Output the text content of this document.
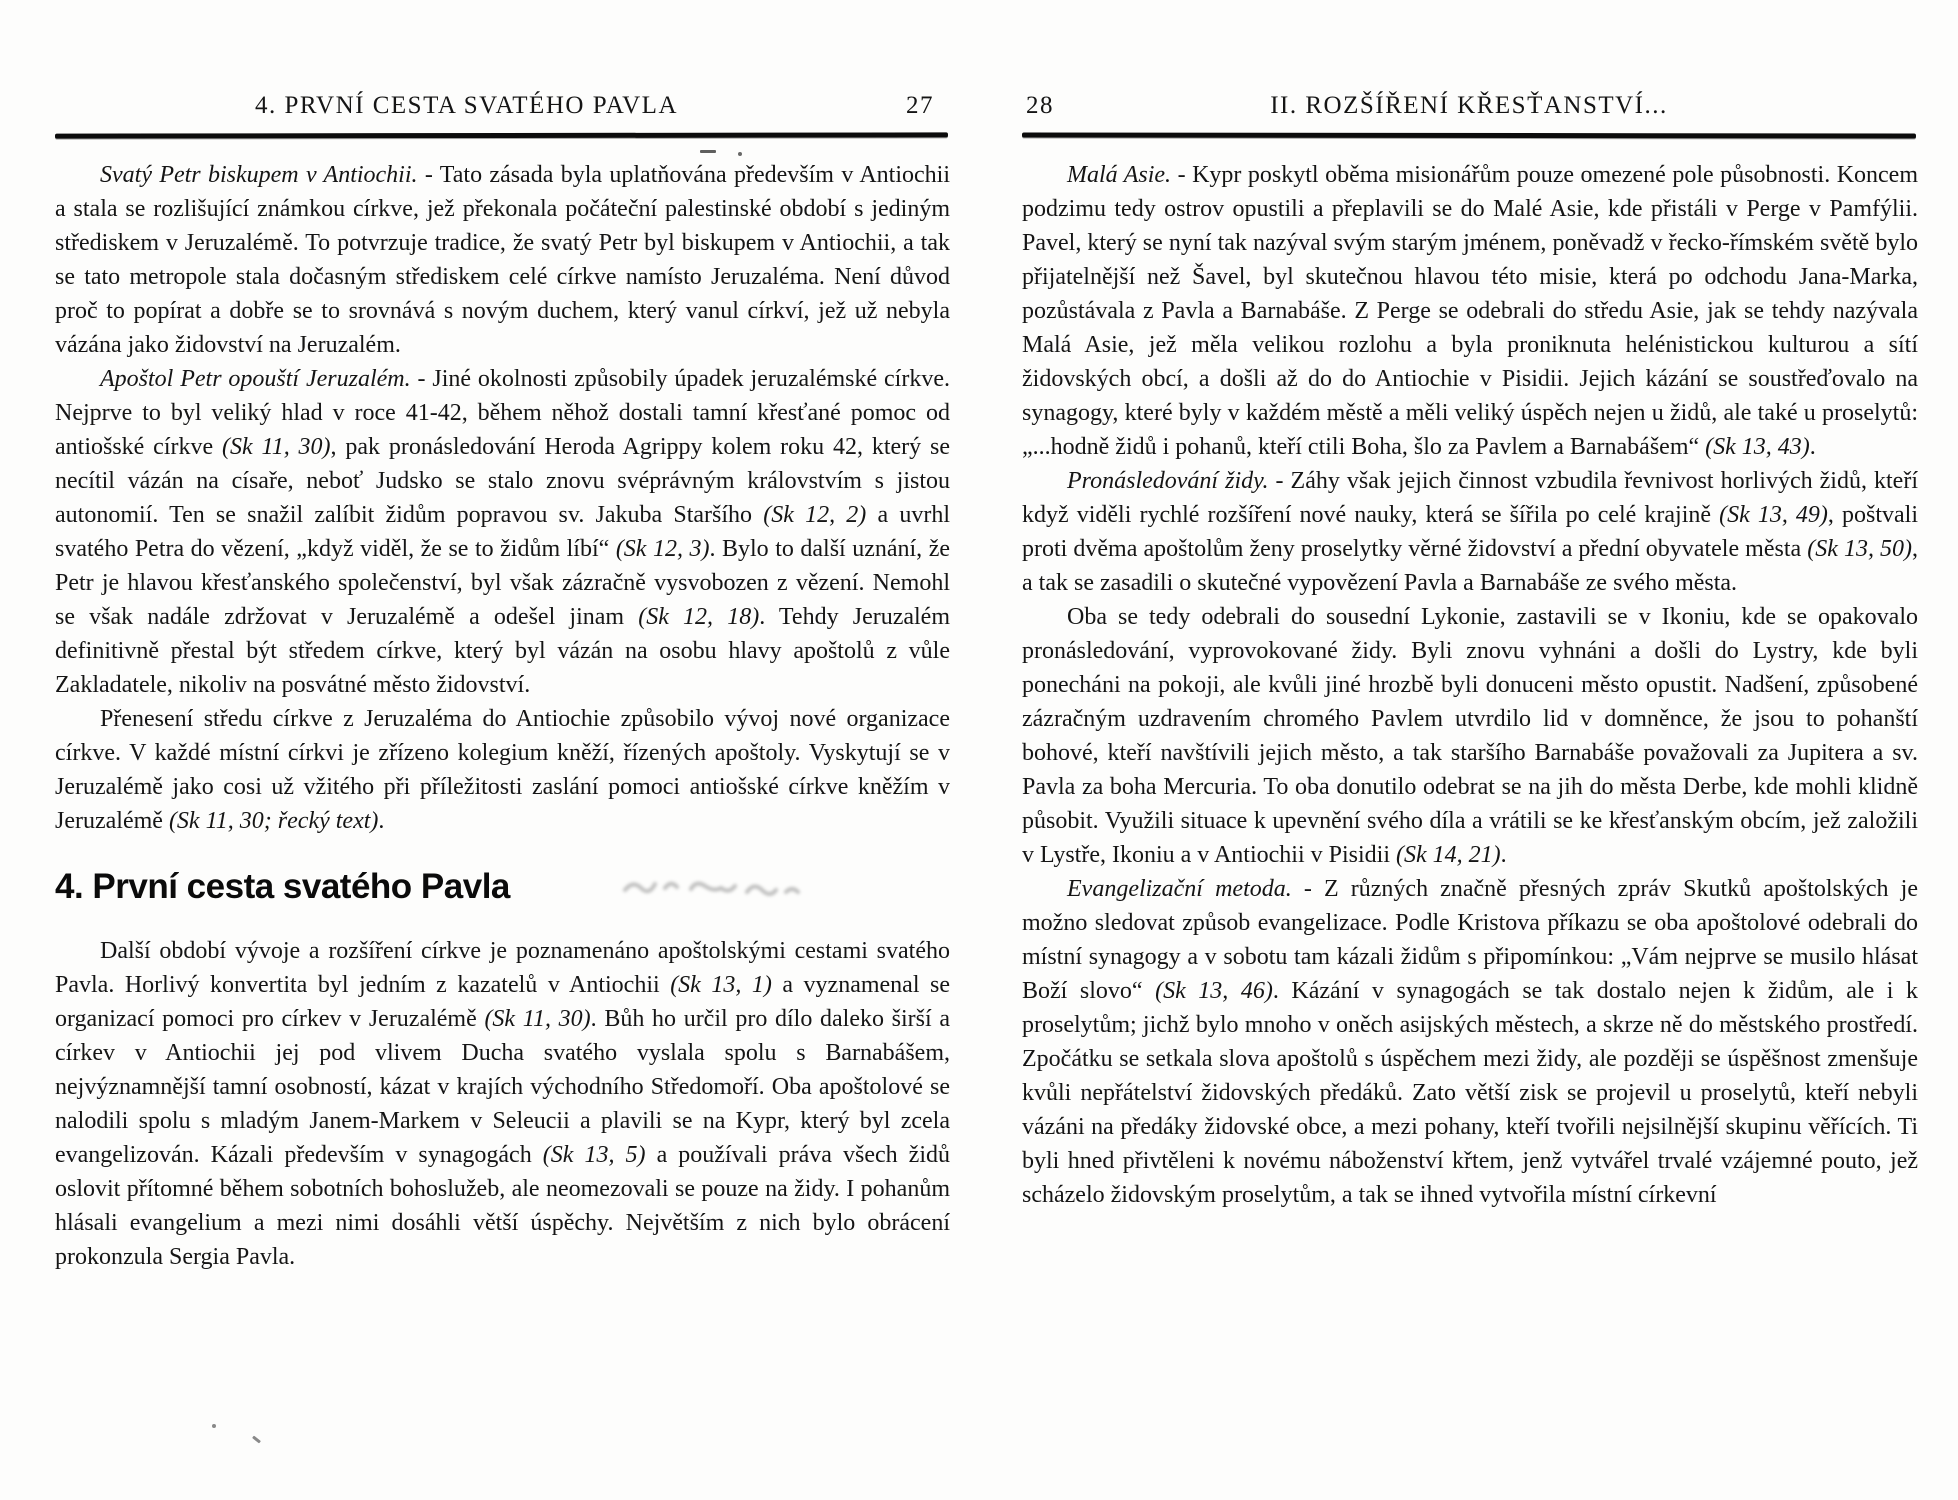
4. PRVNÍ CESTA SVATÉHO PAVLA	27

Svatý Petr biskupem v Antiochii. - Tato zásada byla uplatňována především v Antiochii a stala se rozlišující známkou církve, jež překonala počáteční palestinské období s jediným střediskem v Jeruzalémě. To potvrzuje tradice, že svatý Petr byl biskupem v Antiochii, a tak se tato metropole stala dočasným střediskem celé církve namísto Jeruzaléma. Není důvod proč to popírat a dobře se to srovnává s novým duchem, který vanul církví, jež už nebyla vázána jako židovství na Jeruzalém.

Apoštol Petr opouští Jeruzalém. - Jiné okolnosti způsobily úpadek jeruzalémské církve. Nejprve to byl veliký hlad v roce 41-42, během něhož dostali tamní křesťané pomoc od antiošské církve (Sk 11, 30), pak pronásledování Heroda Agrippy kolem roku 42, který se necítil vázán na císaře, neboť Judsko se stalo znovu svéprávným královstvím s jistou autonomií. Ten se snažil zalíbit židům popravou sv. Jakuba Staršího (Sk 12, 2) a uvrhl svatého Petra do vězení, „když viděl, že se to židům líbí“ (Sk 12, 3). Bylo to další uznání, že Petr je hlavou křesťanského společenství, byl však zázračně vysvobozen z vězení. Nemohl se však nadále zdržovat v Jeruzalémě a odešel jinam (Sk 12, 18). Tehdy Jeruzalém definitivně přestal být středem církve, který byl vázán na osobu hlavy apoštolů z vůle Zakladatele, nikoliv na posvátné město židovství.

Přenesení středu církve z Jeruzaléma do Antiochie způsobilo vývoj nové organizace církve. V každé místní církvi je zřízeno kolegium kněží, řízených apoštoly. Vyskytují se v Jeruzalémě jako cosi už vžitého při příležitosti zaslání pomoci antiošské církve kněžím v Jeruzalémě (Sk 11, 30; řecký text).

4. První cesta svatého Pavla

Další období vývoje a rozšíření církve je poznamenáno apoštolskými cestami svatého Pavla. Horlivý konvertita byl jedním z kazatelů v Antiochii (Sk 13, 1) a vyznamenal se organizací pomoci pro církev v Jeruzalémě (Sk 11, 30). Bůh ho určil pro dílo daleko širší a církev v Antiochii jej pod vlivem Ducha svatého vyslala spolu s Barnabášem, nejvýznamnější tamní osobností, kázat v krajích východního Středomoří. Oba apoštolové se nalodili spolu s mladým Janem-Markem v Seleucii a plavili se na Kypr, který byl zcela evangelizován. Kázali především v synagogách (Sk 13, 5) a používali práva všech židů oslovit přítomné během sobotních bohoslužeb, ale neomezovali se pouze na židy. I pohanům hlásali evangelium a mezi nimi dosáhli větší úspěchy. Největším z nich bylo obrácení prokonzula Sergia Pavla.

28	II. ROZŠÍŘENÍ KŘESŤANSTVÍ...

Malá Asie. - Kypr poskytl oběma misionářům pouze omezené pole působnosti. Koncem podzimu tedy ostrov opustili a přeplavili se do Malé Asie, kde přistáli v Perge v Pamfýlii. Pavel, který se nyní tak nazýval svým starým jménem, poněvadž v řecko-římském světě bylo přijatelnější než Šavel, byl skutečnou hlavou této misie, která po odchodu Jana-Marka, pozůstávala z Pavla a Barnabáše. Z Perge se odebrali do středu Asie, jak se tehdy nazývala Malá Asie, jež měla velikou rozlohu a byla proniknuta helénistickou kulturou a sítí židovských obcí, a došli až do do Antiochie v Pisidii. Jejich kázání se soustřeďovalo na synagogy, které byly v každém městě a měli veliký úspěch nejen u židů, ale také u proselytů: „...hodně židů i pohanů, kteří ctili Boha, šlo za Pavlem a Barnabášem“ (Sk 13, 43).

Pronásledování židy. - Záhy však jejich činnost vzbudila řevnivost horlivých židů, kteří když viděli rychlé rozšíření nové nauky, která se šířila po celé krajině (Sk 13, 49), poštvali proti dvěma apoštolům ženy proselytky věrné židovství a přední obyvatele města (Sk 13, 50), a tak se zasadili o skutečné vypovězení Pavla a Barnabáše ze svého města.

Oba se tedy odebrali do sousední Lykonie, zastavili se v Ikoniu, kde se opakovalo pronásledování, vyprovokované židy. Byli znovu vyhnáni a došli do Lystry, kde byli ponecháni na pokoji, ale kvůli jiné hrozbě byli donuceni město opustit. Nadšení, způsobené zázračným uzdravením chromého Pavlem utvrdilo lid v domněnce, že jsou to pohanští bohové, kteří navštívili jejich město, a tak staršího Barnabáše považovali za Jupitera a sv. Pavla za boha Mercuria. To oba donutilo odebrat se na jih do města Derbe, kde mohli klidně působit. Využili situace k upevnění svého díla a vrátili se ke křesťanským obcím, jež založili v Lystře, Ikoniu a v Antiochii v Pisidii (Sk 14, 21).

Evangelizační metoda. - Z různých značně přesných zpráv Skutků apoštolských je možno sledovat způsob evangelizace. Podle Kristova příkazu se oba apoštolové odebrali do místní synagogy a v sobotu tam kázali židům s připomínkou: „Vám nejprve se musilo hlásat Boží slovo“ (Sk 13, 46). Kázání v synagogách se tak dostalo nejen k židům, ale i k proselytům; jichž bylo mnoho v oněch asijských městech, a skrze ně do městského prostředí. Zpočátku se setkala slova apoštolů s úspěchem mezi židy, ale později se úspěšnost zmenšuje kvůli nepřátelství židovských předáků. Zato větší zisk se projevil u proselytů, kteří nebyli vázáni na předáky židovské obce, a mezi pohany, kteří tvořili nejsilnější skupinu věřících. Ti byli hned přivtěleni k novému náboženství křtem, jenž vytvářel trvalé vzájemné pouto, jež scházelo židovským proselytům, a tak se ihned vytvořila místní církevní
